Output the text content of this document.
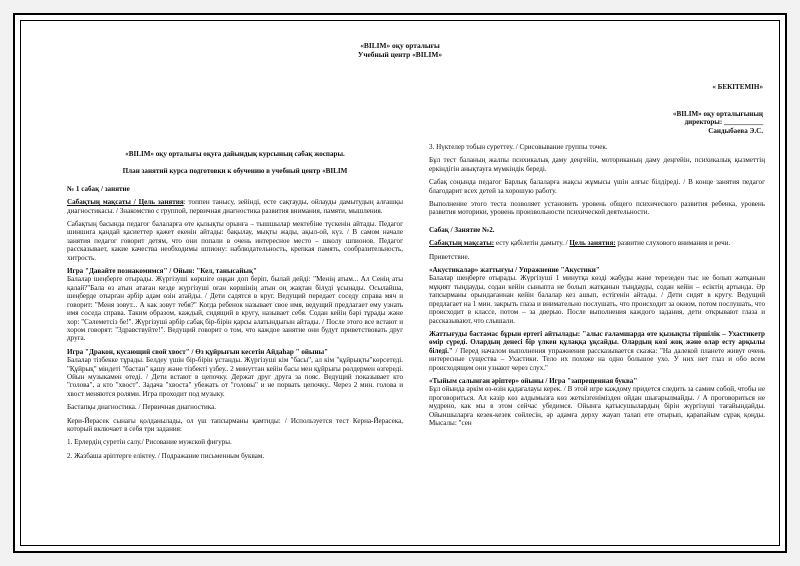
«BILIM» оқу орталығы
Учебный центр «BILIM»
« БЕКІТЕМІН»
«BILIM» оқу орталығының
директоры: ___________
Сандыбаева Э.С.

«BILIM» оқу орталығы оқуға дайындық курсының сабақ жоспары.

План занятий курса подготовки к обучению в учебный центр «BILIM

№ 1 сабақ / занятие

Сабақтың мақсаты / Цель занятия: топпен танысу, зейінді, есте сақтауды, ойлауды дамытудың алғашқы диагностикасы. / Знакомство с группой, первичная диагностика развития внимания, памяти, мышления.

Сабақтың басында педагог балаларға өте қызықты орынға – тышшылар мектебіне түскенін айтады. Педагог шиншига қандай қасиеттер қажет екенін айтады: бақылау, мықты жады, ақыл-ой, күз. / В самом начале занятия педагог говорит детям, что они попали в очень интересное место – школу шпионов. Педагог рассказывает, какие качества необходимы шпиону: наблюдательность, крепкая память, сообразительность, хитрость.

Игра "Давайте познакомимся" / Ойын: "Кел, танысайық"
Балалар шеңберге отырады. Жүргізуші көршіге оңқан доп беріп, былай дейді: "Менің атым... Ал Сенің аты қалай?"Бала өз атын атаған кезде жүргізуші оған көршінің атын оң жақтан білуді ұсынады. Осылайша, шеңберде отырған әрбір адам өзін атайды. / Дети садятся в круг. Ведущий передает соседу справа мяч и говорит: "Меня зовут... А как зовут тебя?" Когда ребенок называет свое имя, ведущий предлагает ему узнать имя соседа справа. Таким образом, каждый, сидящий в кругу, называет себя. Содан кейін бәрі тұрады және хор: "Сәлеметсіз бе!". Жүргізуші әрбір сабақ бір-бірін қарсы алатындығын айтады. / После этого все встают и хором говорят: "Здравствуйте!". Ведущий говорит о том, что каждое занятие они будут приветствовать друг друга.

Игра "Дракон, кусающий свой хвост" / Өз құйрығын кесетін Айдаһар " ойыны"
Балалар тізбекке тұрады. Белдеу үшін бір-бірін ұстанды. Жүргізуші кім "басы", ал кім "құйрықты"көрсетеді. "Құйрық" міндеті "бастан" қашу және тізбекті үзбеу.. 2 минуттан кейін басы мен құйрығы рөлдермен өзгереді. Ойын музыкамен өтеді. / Дети встают в цепочку. Держат друг друга за пояс. Ведущий показывает кто "голова", а кто "хвост". Задача "хвоста" убежать от "головы" и не порвать цепочку.. Через 2 мин. голова и хвост меняются ролями. Игра проходит под музыку.

Бастапқы диагностика. / Первичная диагностика.

Кери-Йерасек сынағы қолданылады, ол үш тапсырманы қамтиды: / Используется тест Керна-Йерасека, который включает в себя три задания:

1. Ерлердің суретін салу./ Рисование мужской фигуры.

2. Жазбаша әріптерге еліктеу. / Подражание письменным буквам.

3. Нүктелер тобын суреттеу. / Срисовывание группы точек.

Бұл тест баланың жалпы психикалық даму деңгейін, моториканың даму деңгейін, психикалық қызметтің еркіндігін анықтауға мүмкіндік береді.

Сабақ соңында педагог Барлық балаларға жақсы жұмысы үшін алғыс білдіреді. / В конце занятия педагог благодарит всех детей за хорошую работу.

Выполнение этого теста позволяет установить уровень общего психического развития ребенка, уровень развития моторики, уровень произвольности психической деятельности.

Сабақ / Занятие №2.

Сабақтың мақсаты: есту қабілетін дамыту. / Цель занятия: развитие слухового внимания и речи.

Приветствие.

«Акустикалар» жаттығуы / Упражнение "Акустики"
Балалар шеңберге отырады. Жүргізуші 1 минутқа көзді жабуды және терезеден тыс не болып жатқанын мұқият тыңдауды, содан кейін сыныпта не болып жатқанын тыңдауды, содан кейін – есіктің артында. Әр тапсырманы орындағаннан кейін балалар кез ашып, естігенін айтады. / Дети сидят в кругу. Ведущий предлагает на 1 мин. закрыть глаза и внимательно послушать, что происходит за окном, потом послушать, что происходит в классе, потом – за дверью. После выполнения каждого задания, дети открывают глаза и рассказывают, что слышали.

Жаттығуды бастамас бұрын ертегі айтылады: "алыс ғаламшарда өте қызықты тіршілік – Ухастикетр өмір сүреді. Олардың денесі бір үлкен құлаққа ұқсайды. Олардың көзі жоқ және олар есту арқылы біледі." / Перед началом выполнения упражнения рассказывается сказка: "На далекой планете живут очень интересные существа – Ухастики. Тело их похоже на одно большое ухо. У них нет глаз и обо всем происходящем они узнают через слух."

«Тыйым салынған әріптер» ойыны / Игра "запрещенная буква"
Бұл ойында әркім өз-өзін қадағалауы керек. / В этой игре каждому придется следить за самим собой, чтобы не проговориться. Ал кәзір көз алдымызға көз жеткізгенімізден ойдан шығарылмайды. / А проговориться не мудрено, как мы в этом сейчас убедимся. Ойынға қатысушылардың бірін жүргізуші тағайындайды. Ойыншыларға кезек-кезек сөйлесін, әр адамға дерху жауап талап ете отырып, қарапайым сұрақ қоңды. Мысалы: "сен
